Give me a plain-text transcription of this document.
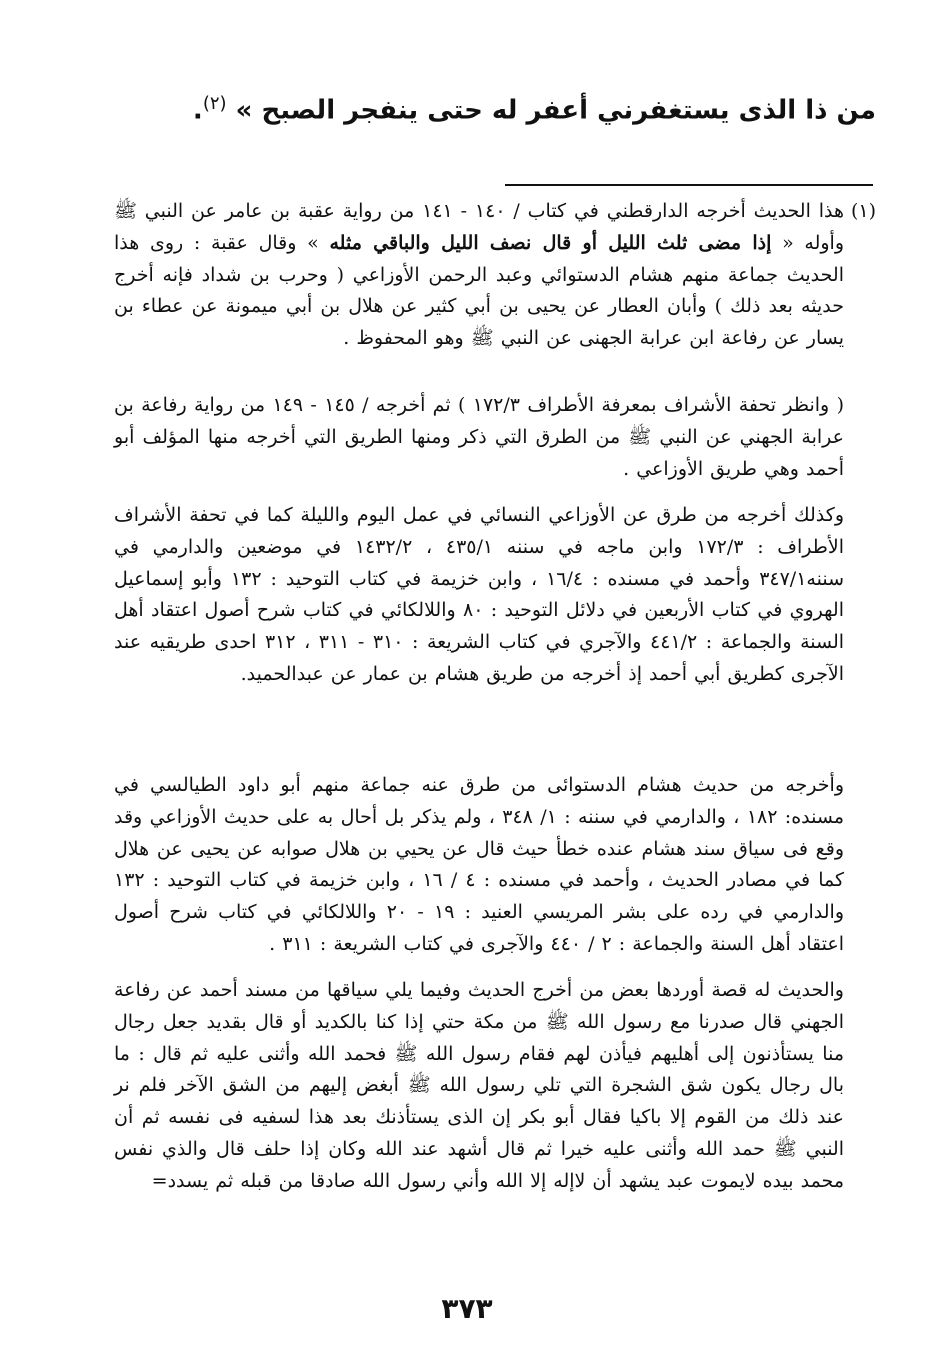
من ذا الذى يستغفرني أعفر له حتى ينفجر الصبح » $^{(٢)}$.
(١)
هذا الحديث أخرجه الدارقطني في كتاب / ١٤٠ - ١٤١ من رواية عقبة بن عامر عن النبي ﷺ وأوله « إذا مضى ثلث الليل أو قال نصف الليل والباقي مثله » وقال عقبة : روى هذا الحديث جماعة منهم هشام الدستوائي وعبد الرحمن الأوزاعي ( وحرب بن شداد فإنه أخرج حديثه بعد ذلك ) وأبان العطار عن يحيى بن أبي كثير عن هلال بن أبي ميمونة عن عطاء بن يسار عن رفاعة ابن عرابة الجهنى عن النبي ﷺ وهو المحفوظ .
( وانظر تحفة الأشراف بمعرفة الأطراف ١٧٢/٣ ) ثم أخرجه / ١٤٥ - ١٤٩ من رواية رفاعة بن عرابة الجهني عن النبي ﷺ من الطرق التي ذكر ومنها الطريق التي أخرجه منها المؤلف أبو أحمد وهي طريق الأوزاعي .
وكذلك أخرجه من طرق عن الأوزاعي النسائي في عمل اليوم والليلة كما في تحفة الأشراف الأطراف : ١٧٢/٣ وابن ماجه في سننه ٤٣٥/١ ، ١٤٣٢/٢ في موضعين والدارمي في سننه٣٤٧/١ وأحمد في مسنده : ١٦/٤ ، وابن خزيمة في كتاب التوحيد : ١٣٢ وأبو إسماعيل الهروي في كتاب الأربعين في دلائل التوحيد : ٨٠ واللالكائي في كتاب شرح أصول اعتقاد أهل السنة والجماعة : ٤٤١/٢ والآجري في كتاب الشريعة : ٣١٠ - ٣١١ ، ٣١٢ احدى طريقيه عند الآجرى كطريق أبي أحمد إذ أخرجه من طريق هشام بن عمار عن عبدالحميد.
وأخرجه من حديث هشام الدستوائى من طرق عنه جماعة منهم أبو داود الطيالسي في مسنده: ١٨٢ ، والدارمي في سننه : ١/ ٣٤٨ ، ولم يذكر بل أحال به على حديث الأوزاعي وقد وقع فى سياق سند هشام عنده خطأ حيث قال عن يحيي بن هلال صوابه عن يحيى عن هلال كما في مصادر الحديث ، وأحمد في مسنده : ٤ / ١٦ ، وابن خزيمة في كتاب التوحيد : ١٣٢ والدارمي في رده على بشر المريسي العنيد : ١٩ - ٢٠ واللالكائي في كتاب شرح أصول اعتقاد أهل السنة والجماعة : ٢ / ٤٤٠ والآجرى في كتاب الشريعة : ٣١١ .
والحديث له قصة أوردها بعض من أخرج الحديث وفيما يلي سياقها من مسند أحمد عن رفاعة الجهني قال صدرنا مع رسول الله ﷺ من مكة حتي إذا كنا بالكديد أو قال بقديد جعل رجال منا يستأذنون إلى أهليهم فيأذن لهم فقام رسول الله ﷺ فحمد الله وأثنى عليه ثم قال : ما بال رجال يكون شق الشجرة التي تلي رسول الله ﷺ أبغض إليهم من الشق الآخر فلم نر عند ذلك من القوم إلا باكيا فقال أبو بكر إن الذى يستأذنك بعد هذا لسفيه فى نفسه ثم أن النبي ﷺ حمد الله وأثنى عليه خيرا ثم قال أشهد عند الله وكان إذا حلف قال والذي نفس محمد بيده لايموت عبد يشهد أن لاإله إلا الله وأني رسول الله صادقا من قبله ثم يسدد=
٣٧٣
